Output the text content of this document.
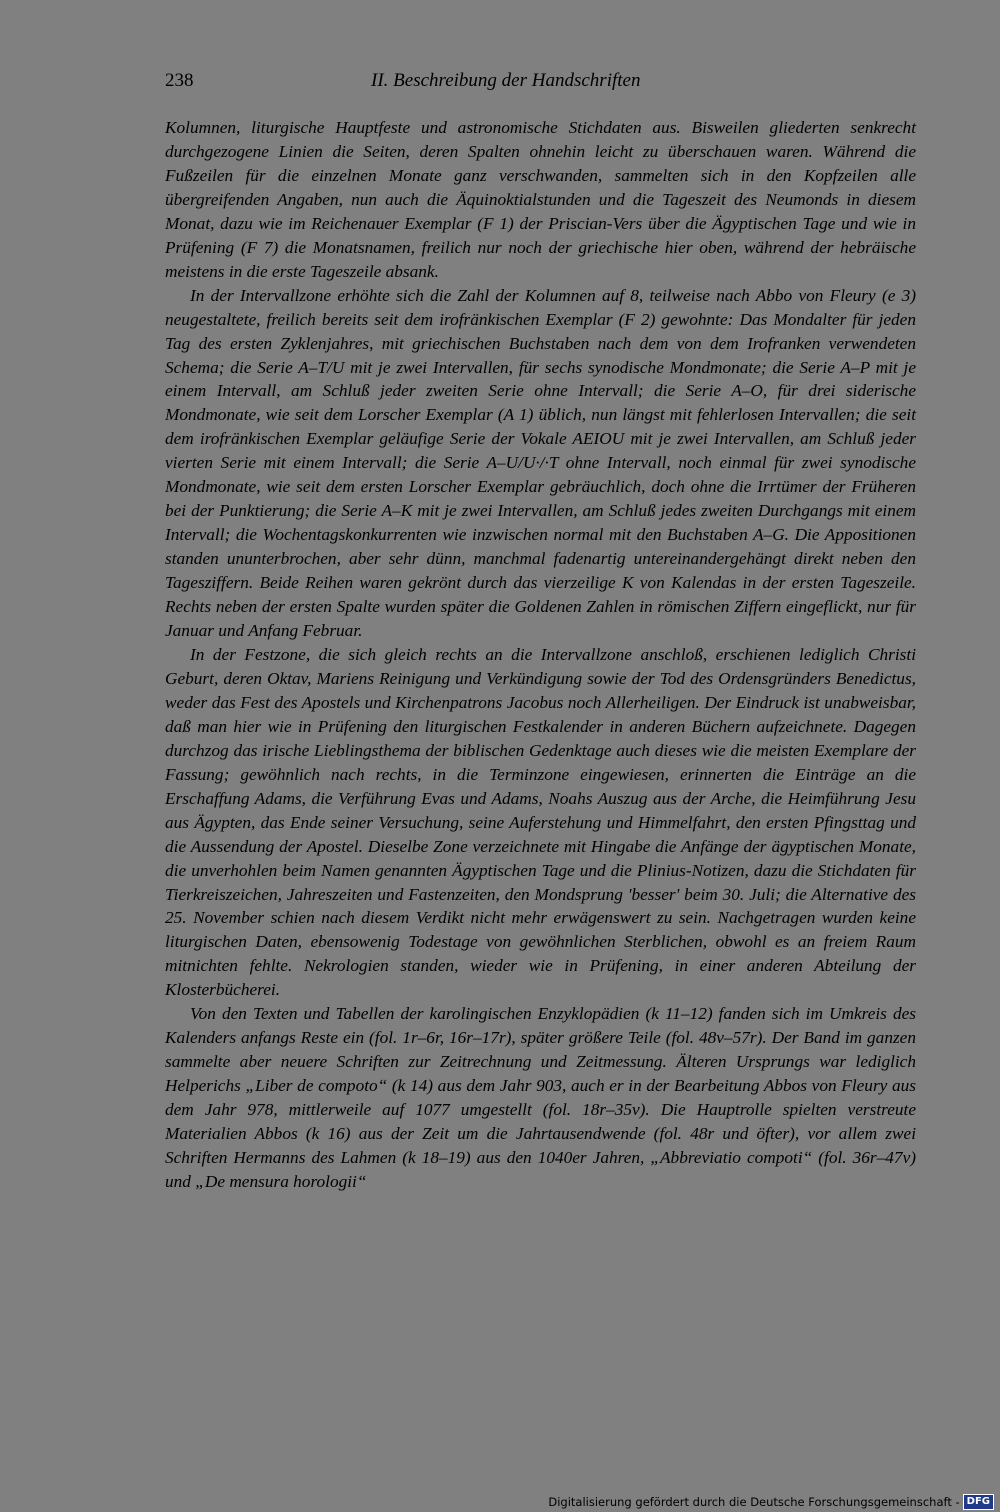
238	II. Beschreibung der Handschriften

Kolumnen, liturgische Hauptfeste und astronomische Stichdaten aus. Bisweilen gliederten senkrecht durchgezogene Linien die Seiten, deren Spalten ohnehin leicht zu überschauen waren. Während die Fußzeilen für die einzelnen Monate ganz verschwanden, sammelten sich in den Kopfzeilen alle übergreifenden Angaben, nun auch die Äquinoktialstunden und die Tageszeit des Neumonds in diesem Monat, dazu wie im Reichenauer Exemplar (F 1) der Priscian-Vers über die Ägyptischen Tage und wie in Prüfening (F 7) die Monatsnamen, freilich nur noch der griechische hier oben, während der hebräische meistens in die erste Tageszeile absank.

In der Intervallzone erhöhte sich die Zahl der Kolumnen auf 8, teilweise nach Abbo von Fleury (e 3) neugestaltete, freilich bereits seit dem irofränkischen Exemplar (F 2) gewohnte: Das Mondalter für jeden Tag des ersten Zyklenjahres, mit griechischen Buchstaben nach dem von dem Irofranken verwendeten Schema; die Serie A–T/U mit je zwei Intervallen, für sechs synodische Mondmonate; die Serie A–P mit je einem Intervall, am Schluß jeder zweiten Serie ohne Intervall; die Serie A–O, für drei siderische Mondmonate, wie seit dem Lorscher Exemplar (A 1) üblich, nun längst mit fehlerlosen Intervallen; die seit dem irofränkischen Exemplar geläufige Serie der Vokale AEIOU mit je zwei Intervallen, am Schluß jeder vierten Serie mit einem Intervall; die Serie A–U/U·/·T ohne Intervall, noch einmal für zwei synodische Mondmonate, wie seit dem ersten Lorscher Exemplar gebräuchlich, doch ohne die Irrtümer der Früheren bei der Punktierung; die Serie A–K mit je zwei Intervallen, am Schluß jedes zweiten Durchgangs mit einem Intervall; die Wochentagskonkurrenten wie inzwischen normal mit den Buchstaben A–G. Die Appositionen standen ununterbrochen, aber sehr dünn, manchmal fadenartig untereinandergehängt direkt neben den Tagesziffern. Beide Reihen waren gekrönt durch das vierzeilige K von Kalendas in der ersten Tageszeile. Rechts neben der ersten Spalte wurden später die Goldenen Zahlen in römischen Ziffern eingeflickt, nur für Januar und Anfang Februar.

In der Festzone, die sich gleich rechts an die Intervallzone anschloß, erschienen lediglich Christi Geburt, deren Oktav, Mariens Reinigung und Verkündigung sowie der Tod des Ordensgründers Benedictus, weder das Fest des Apostels und Kirchenpatrons Jacobus noch Allerheiligen. Der Eindruck ist unabweisbar, daß man hier wie in Prüfening den liturgischen Festkalender in anderen Büchern aufzeichnete. Dagegen durchzog das irische Lieblingsthema der biblischen Gedenktage auch dieses wie die meisten Exemplare der Fassung; gewöhnlich nach rechts, in die Terminzone eingewiesen, erinnerten die Einträge an die Erschaffung Adams, die Verführung Evas und Adams, Noahs Auszug aus der Arche, die Heimführung Jesu aus Ägypten, das Ende seiner Versuchung, seine Auferstehung und Himmelfahrt, den ersten Pfingsttag und die Aussendung der Apostel. Dieselbe Zone verzeichnete mit Hingabe die Anfänge der ägyptischen Monate, die unverhohlen beim Namen genannten Ägyptischen Tage und die Plinius-Notizen, dazu die Stichdaten für Tierkreiszeichen, Jahreszeiten und Fastenzeiten, den Mondsprung 'besser' beim 30. Juli; die Alternative des 25. November schien nach diesem Verdikt nicht mehr erwägenswert zu sein. Nachgetragen wurden keine liturgischen Daten, ebensowenig Todestage von gewöhnlichen Sterblichen, obwohl es an freiem Raum mitnichten fehlte. Nekrologien standen, wieder wie in Prüfening, in einer anderen Abteilung der Klosterbücherei.

Von den Texten und Tabellen der karolingischen Enzyklopädien (k 11–12) fanden sich im Umkreis des Kalenders anfangs Reste ein (fol. 1r–6r, 16r–17r), später größere Teile (fol. 48v–57r). Der Band im ganzen sammelte aber neuere Schriften zur Zeitrechnung und Zeitmessung. Älteren Ursprungs war lediglich Helperichs „Liber de compoto“ (k 14) aus dem Jahr 903, auch er in der Bearbeitung Abbos von Fleury aus dem Jahr 978, mittlerweile auf 1077 umgestellt (fol. 18r–35v). Die Hauptrolle spielten verstreute Materialien Abbos (k 16) aus der Zeit um die Jahrtausendwende (fol. 48r und öfter), vor allem zwei Schriften Hermanns des Lahmen (k 18–19) aus den 1040er Jahren, „Abbreviatio compoti“ (fol. 36r–47v) und „De mensura horologii“

Digitalisierung gefördert durch die Deutsche Forschungsgemeinschaft - DFG
